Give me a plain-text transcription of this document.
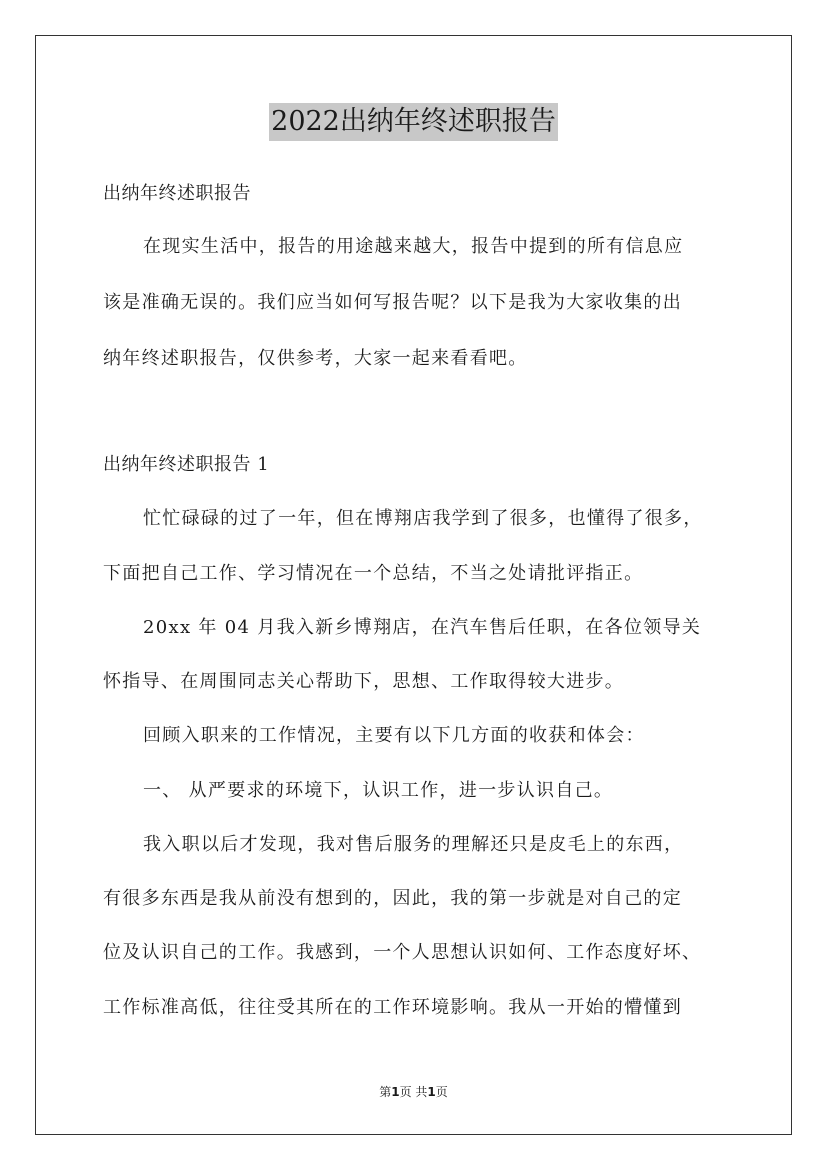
2022出纳年终述职报告
出纳年终述职报告
在现实生活中，报告的用途越来越大，报告中提到的所有信息应
该是准确无误的。我们应当如何写报告呢？以下是我为大家收集的出
纳年终述职报告，仅供参考，大家一起来看看吧。
出纳年终述职报告 1
忙忙碌碌的过了一年，但在博翔店我学到了很多，也懂得了很多，
下面把自己工作、学习情况在一个总结，不当之处请批评指正。
20xx 年 04 月我入新乡博翔店，在汽车售后任职，在各位领导关
怀指导、在周围同志关心帮助下，思想、工作取得较大进步。
回顾入职来的工作情况，主要有以下几方面的收获和体会：
一、 从严要求的环境下，认识工作，进一步认识自己。
我入职以后才发现，我对售后服务的理解还只是皮毛上的东西，
有很多东西是我从前没有想到的，因此，我的第一步就是对自己的定
位及认识自己的工作。我感到，一个人思想认识如何、工作态度好坏、
工作标准高低，往往受其所在的工作环境影响。我从一开始的懵懂到
第1页 共1页
